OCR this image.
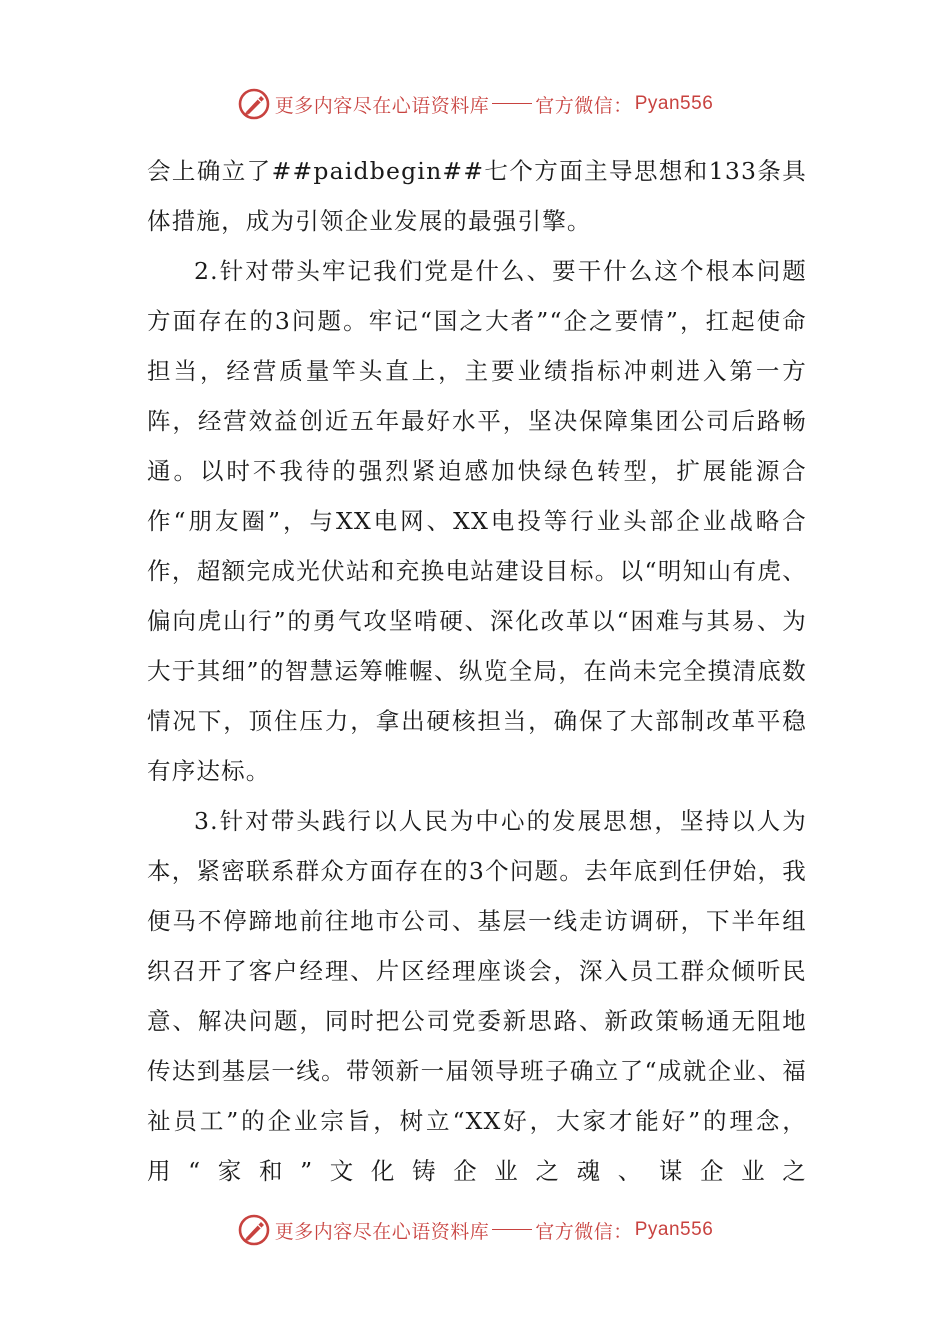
更多内容尽在心语资料库 官方微信： Pyan556

会上确立了##paidbegin##七个方面主导思想和133条具体措施，成为引领企业发展的最强引擎。

2.针对带头牢记我们党是什么、要干什么这个根本问题方面存在的3问题。牢记“国之大者”“企之要情”，扛起使命担当，经营质量竿头直上，主要业绩指标冲刺进入第一方阵，经营效益创近五年最好水平，坚决保障集团公司后路畅通。以时不我待的强烈紧迫感加快绿色转型，扩展能源合作“朋友圈”，与XX电网、XX电投等行业头部企业战略合作，超额完成光伏站和充换电站建设目标。以“明知山有虎、偏向虎山行”的勇气攻坚啃硬、深化改革以“困难与其易、为大于其细”的智慧运筹帷幄、纵览全局，在尚未完全摸清底数情况下，顶住压力，拿出硬核担当，确保了大部制改革平稳有序达标。

3.针对带头践行以人民为中心的发展思想，坚持以人为本，紧密联系群众方面存在的3个问题。去年底到任伊始，我便马不停蹄地前往地市公司、基层一线走访调研，下半年组织召开了客户经理、片区经理座谈会，深入员工群众倾听民意、解决问题，同时把公司党委新思路、新政策畅通无阻地传达到基层一线。带领新一届领导班子确立了“成就企业、福祉员工”的企业宗旨，树立“XX好，大家才能好”的理念，用“家和”文化铸企业之魂、谋企业之

更多内容尽在心语资料库 官方微信： Pyan556
